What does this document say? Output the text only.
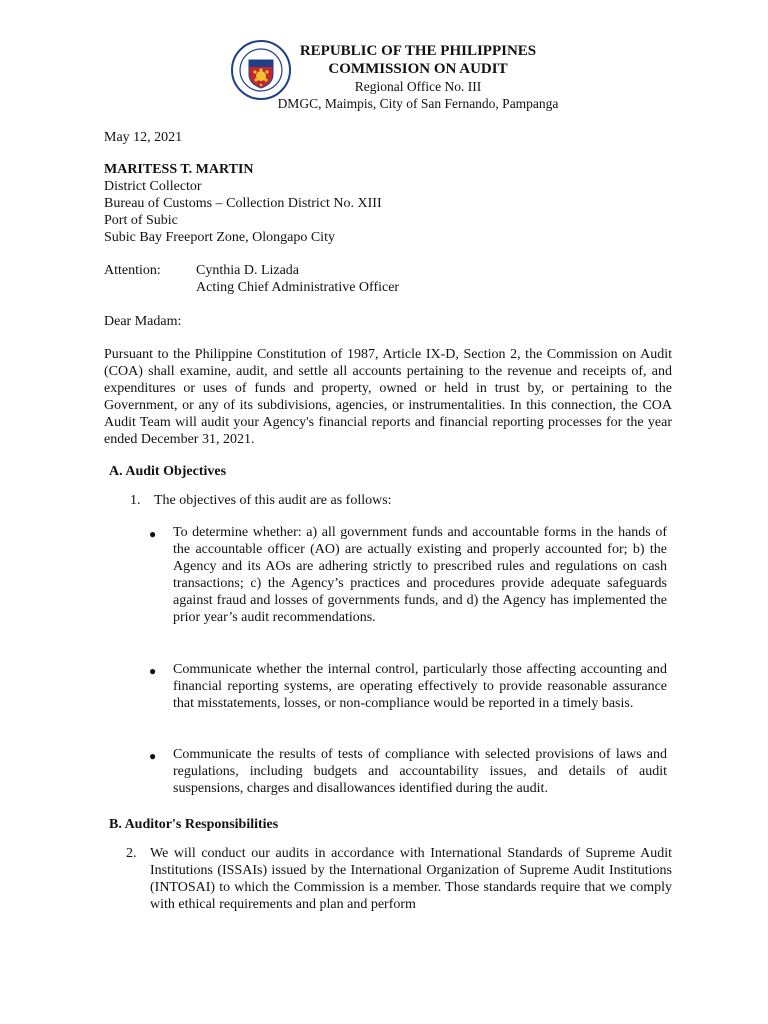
REPUBLIC OF THE PHILIPPINES
COMMISSION ON AUDIT
Regional Office No. III
DMGC, Maimpis, City of San Fernando, Pampanga
May 12, 2021
MARITESS T. MARTIN
District Collector
Bureau of Customs – Collection District No. XIII
Port of Subic
Subic Bay Freeport Zone, Olongapo City
Attention:	Cynthia D. Lizada
Acting Chief Administrative Officer
Dear Madam:
Pursuant to the Philippine Constitution of 1987, Article IX-D, Section 2, the Commission on Audit (COA) shall examine, audit, and settle all accounts pertaining to the revenue and receipts of, and expenditures or uses of funds and property, owned or held in trust by, or pertaining to the Government, or any of its subdivisions, agencies, or instrumentalities. In this connection, the COA Audit Team will audit your Agency's financial reports and financial reporting processes for the year ended December 31, 2021.
A. Audit Objectives
1. The objectives of this audit are as follows:
● To determine whether: a) all government funds and accountable forms in the hands of the accountable officer (AO) are actually existing and properly accounted for; b) the Agency and its AOs are adhering strictly to prescribed rules and regulations on cash transactions; c) the Agency’s practices and procedures provide adequate safeguards against fraud and losses of governments funds, and d) the Agency has implemented the prior year’s audit recommendations.
● Communicate whether the internal control, particularly those affecting accounting and financial reporting systems, are operating effectively to provide reasonable assurance that misstatements, losses, or non-compliance would be reported in a timely basis.
● Communicate the results of tests of compliance with selected provisions of laws and regulations, including budgets and accountability issues, and details of audit suspensions, charges and disallowances identified during the audit.
B. Auditor's Responsibilities
2. We will conduct our audits in accordance with International Standards of Supreme Audit Institutions (ISSAIs) issued by the International Organization of Supreme Audit Institutions (INTOSAI) to which the Commission is a member. Those standards require that we comply with ethical requirements and plan and perform
